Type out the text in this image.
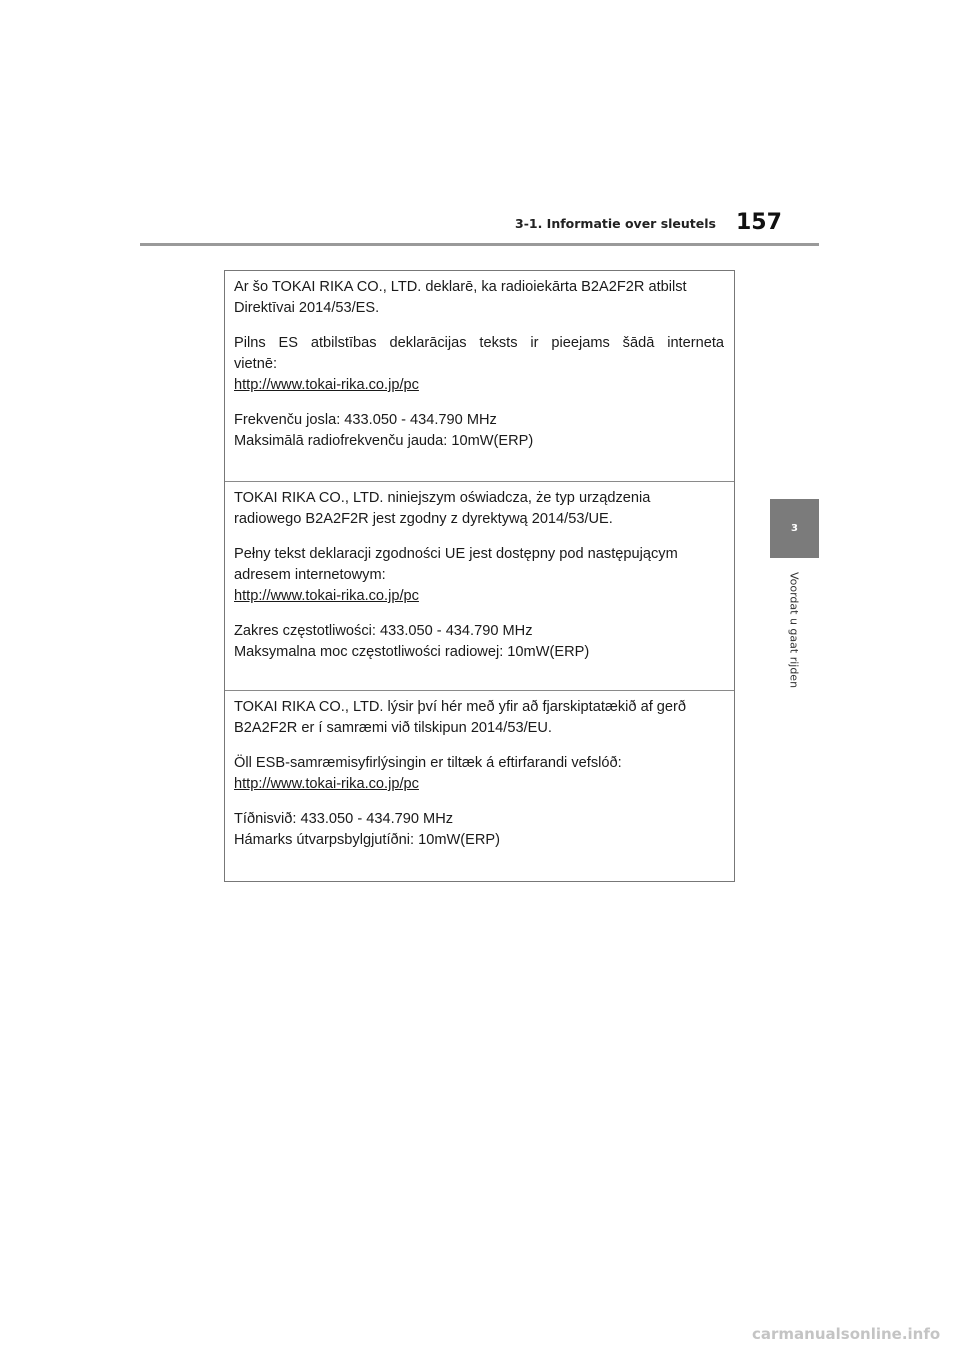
3-1. Informatie over sleutels 157
3
Voordat u gaat rijden

Ar šo TOKAI RIKA CO., LTD. deklarē, ka radioiekārta B2A2F2R atbilst

Direktīvai 2014/53/ES.

Pilns ES atbilstības deklarācijas teksts ir pieejams šādā interneta

vietnē:

http://www.tokai-rika.co.jp/pc

Frekvenču josla: 433.050 - 434.790 MHz

Maksimālā radiofrekvenču jauda: 10mW(ERP)

TOKAI RIKA CO., LTD. niniejszym oświadcza, że typ urządzenia

radiowego B2A2F2R jest zgodny z dyrektywą 2014/53/UE.

Pełny tekst deklaracji zgodności UE jest dostępny pod następującym

adresem internetowym:

http://www.tokai-rika.co.jp/pc

Zakres częstotliwości: 433.050 - 434.790 MHz

Maksymalna moc częstotliwości radiowej: 10mW(ERP)

TOKAI RIKA CO., LTD. lýsir því hér með yfir að fjarskiptatækið af gerð

B2A2F2R er í samræmi við tilskipun 2014/53/EU.

Öll ESB-samræmisyfirlýsingin er tiltæk á eftirfarandi vefslóð:

http://www.tokai-rika.co.jp/pc

Tíðnisvið: 433.050 - 434.790 MHz

Hámarks útvarpsbylgjutíðni: 10mW(ERP)

carmanualsonline.info
